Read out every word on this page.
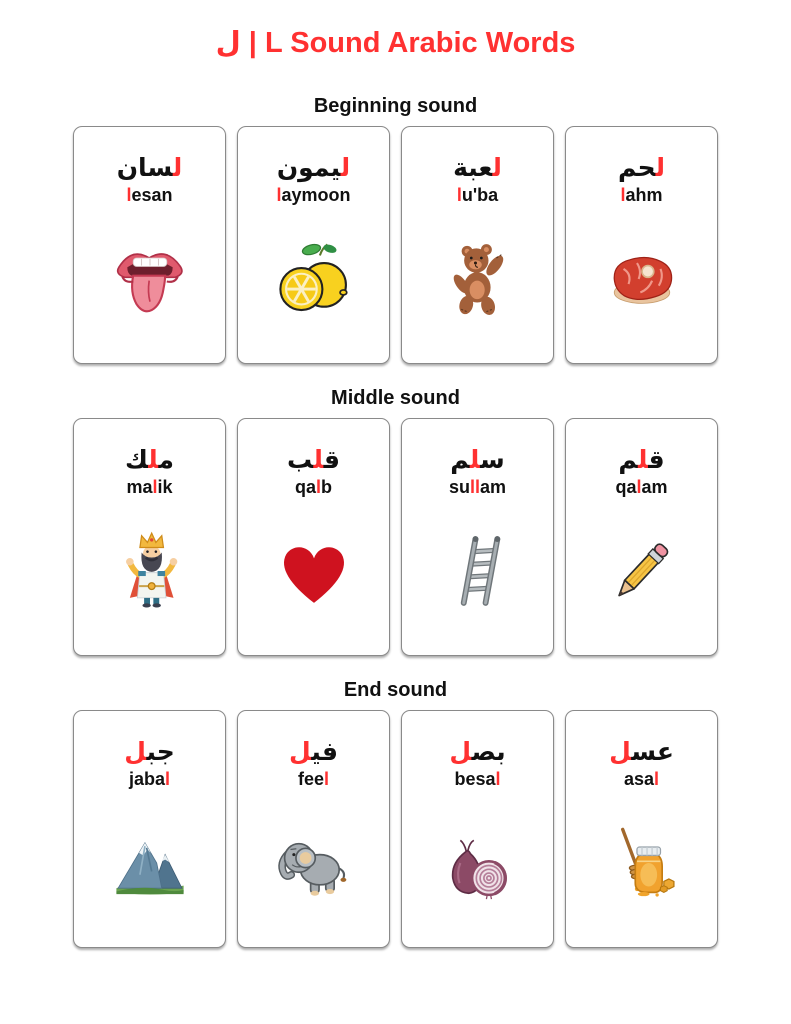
ل | L Sound Arabic Words
Beginning sound
ل‍‍سان
lesan
ل‍‍يمون
laymoon
ل‍‍عبة
lu'ba
ل‍‍حم
lahm
Middle sound
م‍‍ل‍‍ك
malik
ق‍‍ل‍‍ب
qalb
س‍‍ل‍‍م
sullam
ق‍‍ل‍‍م
qalam
End sound
جب‍‍ل
jabal
في‍‍ل
feel
بص‍‍ل
besal
عس‍‍ل
asal
